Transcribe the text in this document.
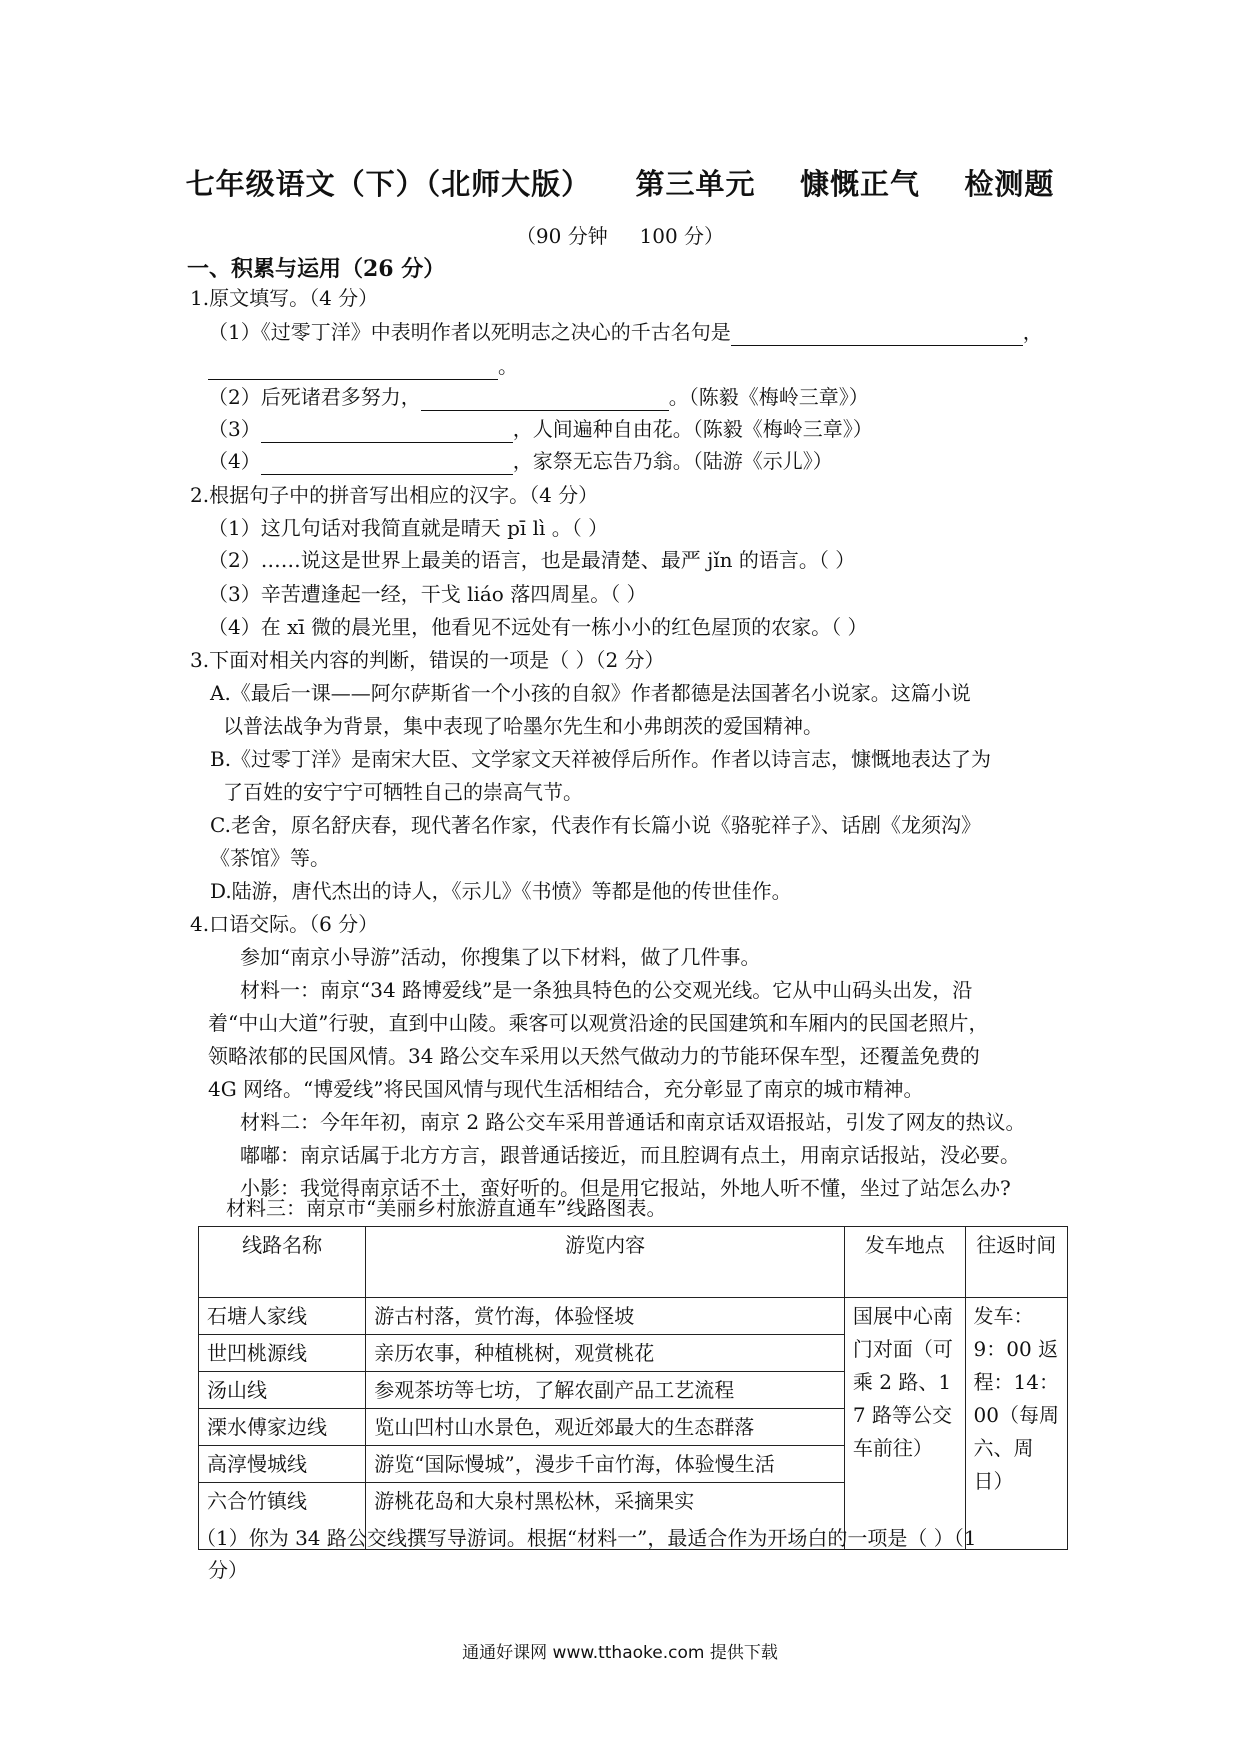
七年级语文（下）（北师大版）    第三单元    慷慨正气    检测题
（90 分钟     100 分）
一、积累与运用（26 分）
1.原文填写。（4 分）
（1）《过零丁洋》中表明作者以死明志之决心的千古名句是	，
。
（2）后死诸君多努力，	。（陈毅《梅岭三章》）
（3）	，人间遍种自由花。（陈毅《梅岭三章》）
（4）	，家祭无忘告乃翁。（陆游《示儿》）
2.根据句子中的拼音写出相应的汉字。（4 分）
（1）这几句话对我简直就是晴天 pī lì 。（ ）
（2）……说这是世界上最美的语言，也是最清楚、最严 jǐn 的语言。（ ）
（3）辛苦遭逢起一经，干戈 liáo 落四周星。（ ）
（4）在 xī 微的晨光里，他看见不远处有一栋小小的红色屋顶的农家。（ ）
3.下面对相关内容的判断，错误的一项是（ ）（2 分）
A.《最后一课——阿尔萨斯省一个小孩的自叙》作者都德是法国著名小说家。这篇小说
以普法战争为背景，集中表现了哈墨尔先生和小弗朗茨的爱国精神。
B.《过零丁洋》是南宋大臣、文学家文天祥被俘后所作。作者以诗言志，慷慨地表达了为
了百姓的安宁宁可牺牲自己的崇高气节。
C.老舍，原名舒庆春，现代著名作家，代表作有长篇小说《骆驼祥子》、话剧《龙须沟》
《茶馆》等。
D.陆游，唐代杰出的诗人，《示儿》《书愤》等都是他的传世佳作。
4.口语交际。（6 分）
参加“南京小导游”活动，你搜集了以下材料，做了几件事。
材料一：南京“34 路博爱线”是一条独具特色的公交观光线。它从中山码头出发，沿
着“中山大道”行驶，直到中山陵。乘客可以观赏沿途的民国建筑和车厢内的民国老照片，
领略浓郁的民国风情。34 路公交车采用以天然气做动力的节能环保车型，还覆盖免费的
4G 网络。“博爱线”将民国风情与现代生活相结合，充分彰显了南京的城市精神。
材料二：今年年初，南京 2 路公交车采用普通话和南京话双语报站，引发了网友的热议。
嘟嘟：南京话属于北方方言，跟普通话接近，而且腔调有点土，用南京话报站，没必要。
小影：我觉得南京话不土，蛮好听的。但是用它报站，外地人听不懂，坐过了站怎么办?
材料三：南京市“美丽乡村旅游直通车”线路图表。
线路名称	游览内容	发车地点	往返时间
石塘人家线	游古村落，赏竹海，体验怪坡	国展中心南门对面（可乘 2 路、17 路等公交车前往）	发车：9：00 返程：14：00（每周六、周日）
世凹桃源线	亲历农事，种植桃树，观赏桃花		
汤山线	参观茶坊等七坊，了解农副产品工艺流程		
溧水傅家边线	览山凹村山水景色，观近郊最大的生态群落		
高淳慢城线	游览“国际慢城”，漫步千亩竹海，体验慢生活		
六合竹镇线	游桃花岛和大泉村黑松林，采摘果实		
（1）你为 34 路公交线撰写导游词。根据“材料一”，最适合作为开场白的一项是（ ）（1
分）
通通好课网 www.tthaoke.com 提供下载
